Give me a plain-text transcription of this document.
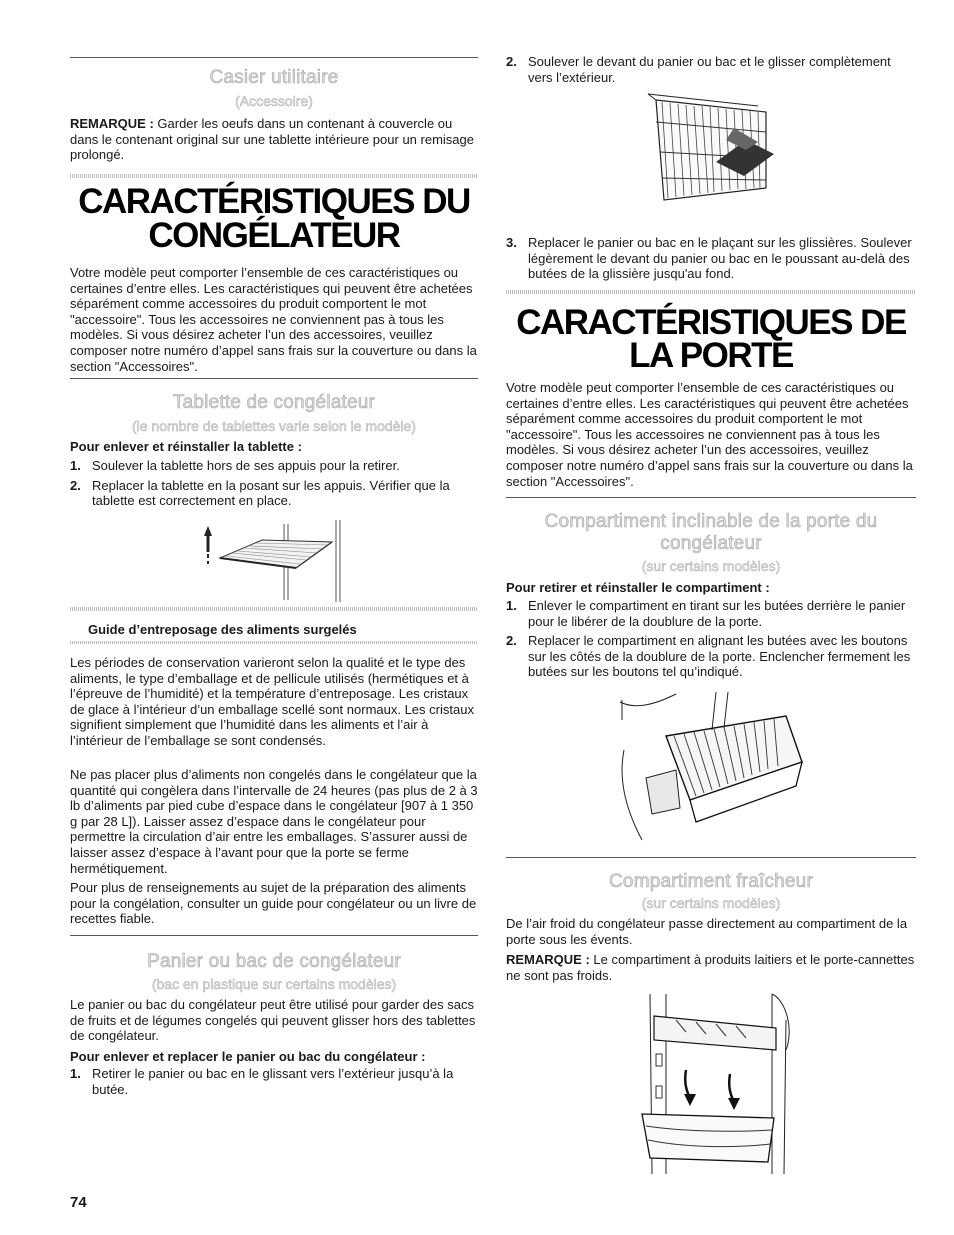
Casier utilitaire
(Accessoire)

REMARQUE : Garder les oeufs dans un contenant à couvercle ou dans le contenant original sur une tablette intérieure pour un remisage prolongé.

CARACTÉRISTIQUES DU
CONGÉLATEUR

Votre modèle peut comporter l’ensemble de ces caractéristiques ou certaines d’entre elles. Les caractéristiques qui peuvent être achetées séparément comme accessoires du produit comportent le mot "accessoire". Tous les accessoires ne conviennent pas à tous les modèles. Si vous désirez acheter l’un des accessoires, veuillez composer notre numéro d’appel sans frais sur la couverture ou dans la section "Accessoires".

Tablette de congélateur
(le nombre de tablettes varie selon le modèle)

Pour enlever et réinstaller la tablette :

1. Soulever la tablette hors de ses appuis pour la retirer.
2. Replacer la tablette en la posant sur les appuis. Vérifier que la tablette est correctement en place.

Guide d’entreposage des aliments surgelés

Les périodes de conservation varieront selon la qualité et le type des aliments, le type d’emballage et de pellicule utilisés (hermétiques et à l’épreuve de l’humidité) et la température d’entreposage. Les cristaux de glace à l’intérieur d’un emballage scellé sont normaux. Les cristaux signifient simplement que l’humidité dans les aliments et l’air à l’intérieur de l’emballage se sont condensés.

Ne pas placer plus d’aliments non congelés dans le congélateur que la quantité qui congèlera dans l’intervalle de 24 heures (pas plus de 2 à 3 lb d’aliments par pied cube d’espace dans le congélateur [907 à 1 350 g par 28 L]). Laisser assez d’espace dans le congélateur pour permettre la circulation d’air entre les emballages. S’assurer aussi de laisser assez d’espace à l’avant pour que la porte se ferme hermétiquement.

Pour plus de renseignements au sujet de la préparation des aliments pour la congélation, consulter un guide pour congélateur ou un livre de recettes fiable.

Panier ou bac de congélateur
(bac en plastique sur certains modèles)

Le panier ou bac du congélateur peut être utilisé pour garder des sacs de fruits et de légumes congelés qui peuvent glisser hors des tablettes de congélateur.

Pour enlever et replacer le panier ou bac du congélateur :

1. Retirer le panier ou bac en le glissant vers l’extérieur jusqu’à la butée.
2. Soulever le devant du panier ou bac et le glisser complètement vers l’extérieur.
3. Replacer le panier ou bac en le plaçant sur les glissières. Soulever légèrement le devant du panier ou bac en le poussant au-delà des butées de la glissière jusqu'au fond.
CARACTÉRISTIQUES DE
LA PORTE

Votre modèle peut comporter l’ensemble de ces caractéristiques ou certaines d’entre elles. Les caractéristiques qui peuvent être achetées séparément comme accessoires du produit comportent le mot "accessoire". Tous les accessoires ne conviennent pas à tous les modèles. Si vous désirez acheter l’un des accessoires, veuillez composer notre numéro d’appel sans frais sur la couverture ou dans la section "Accessoires".

Compartiment inclinable de la porte du
congélateur
(sur certains modèles)

Pour retirer et réinstaller le compartiment :

1. Enlever le compartiment en tirant sur les butées derrière le panier pour le libérer de la doublure de la porte.
2. Replacer le compartiment en alignant les butées avec les boutons sur les côtés de la doublure de la porte. Enclencher fermement les butées sur les boutons tel qu’indiqué.
Compartiment fraîcheur
(sur certains modèles)

De l’air froid du congélateur passe directement au compartiment de la porte sous les évents.

REMARQUE : Le compartiment à produits laitiers et le porte-cannettes ne sont pas froids.

74
